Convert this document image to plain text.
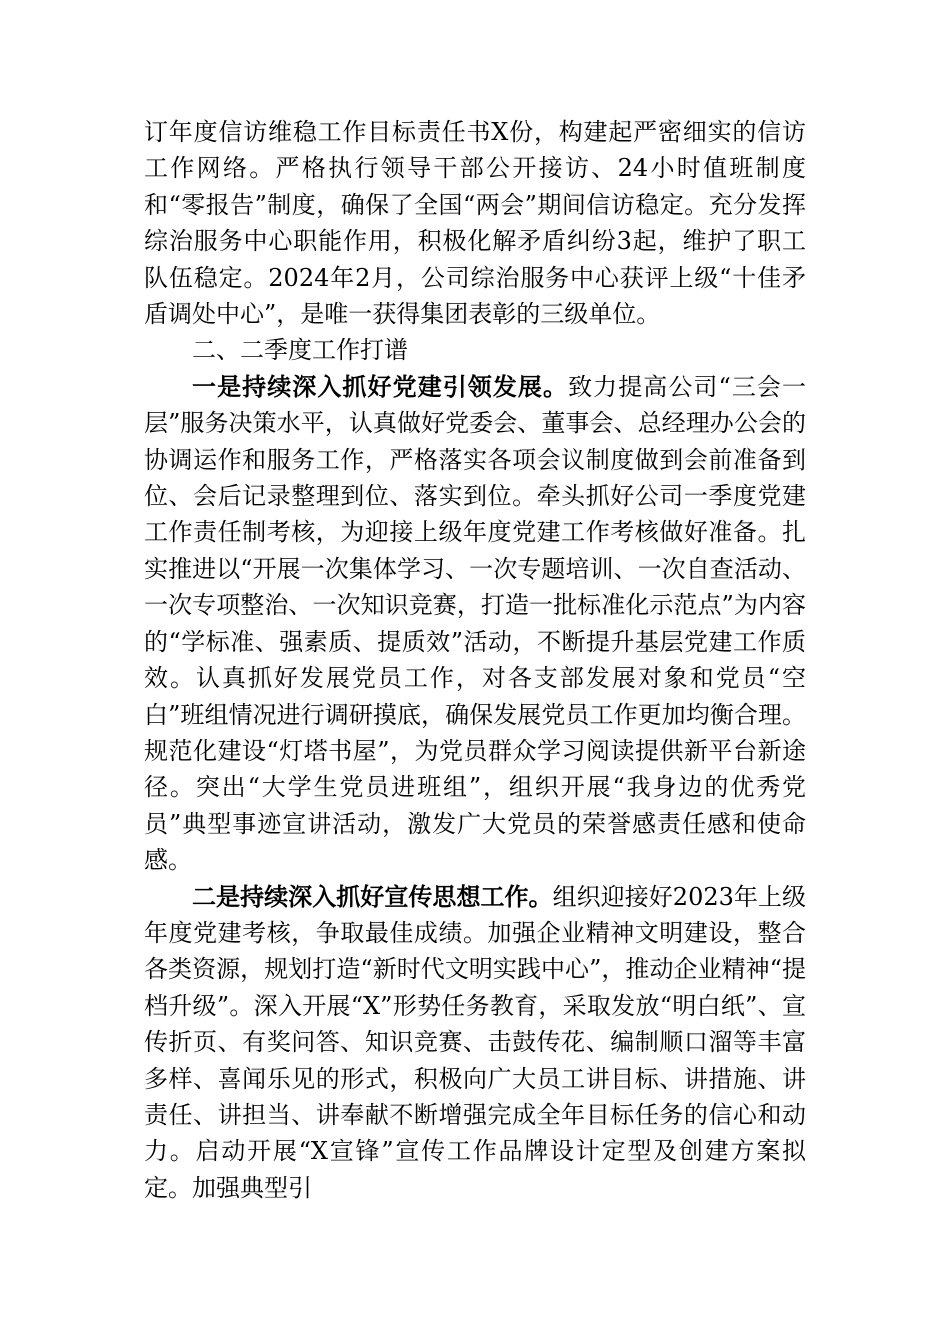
订年度信访维稳工作目标责任书X份，构建起严密细实的信访工作网络。严格执行领导干部公开接访、24小时值班制度和“零报告”制度，确保了全国“两会”期间信访稳定。充分发挥综治服务中心职能作用，积极化解矛盾纠纷3起，维护了职工队伍稳定。2024年2月，公司综治服务中心获评上级“十佳矛盾调处中心”，是唯一获得集团表彰的三级单位。

二、二季度工作打谱

一是持续深入抓好党建引领发展。致力提高公司“三会一层”服务决策水平，认真做好党委会、董事会、总经理办公会的协调运作和服务工作，严格落实各项会议制度做到会前准备到位、会后记录整理到位、落实到位。牵头抓好公司一季度党建工作责任制考核，为迎接上级年度党建工作考核做好准备。扎实推进以“开展一次集体学习、一次专题培训、一次自查活动、一次专项整治、一次知识竞赛，打造一批标准化示范点”为内容的“学标准、强素质、提质效”活动，不断提升基层党建工作质效。认真抓好发展党员工作，对各支部发展对象和党员“空白”班组情况进行调研摸底，确保发展党员工作更加均衡合理。规范化建设“灯塔书屋”，为党员群众学习阅读提供新平台新途径。突出“大学生党员进班组”，组织开展“我身边的优秀党员”典型事迹宣讲活动，激发广大党员的荣誉感责任感和使命感。

二是持续深入抓好宣传思想工作。组织迎接好2023年上级年度党建考核，争取最佳成绩。加强企业精神文明建设，整合各类资源，规划打造“新时代文明实践中心”，推动企业精神“提档升级”。深入开展“X”形势任务教育，采取发放“明白纸”、宣传折页、有奖问答、知识竞赛、击鼓传花、编制顺口溜等丰富多样、喜闻乐见的形式，积极向广大员工讲目标、讲措施、讲责任、讲担当、讲奉献不断增强完成全年目标任务的信心和动力。启动开展“X宣锋”宣传工作品牌设计定型及创建方案拟定。加强典型引
